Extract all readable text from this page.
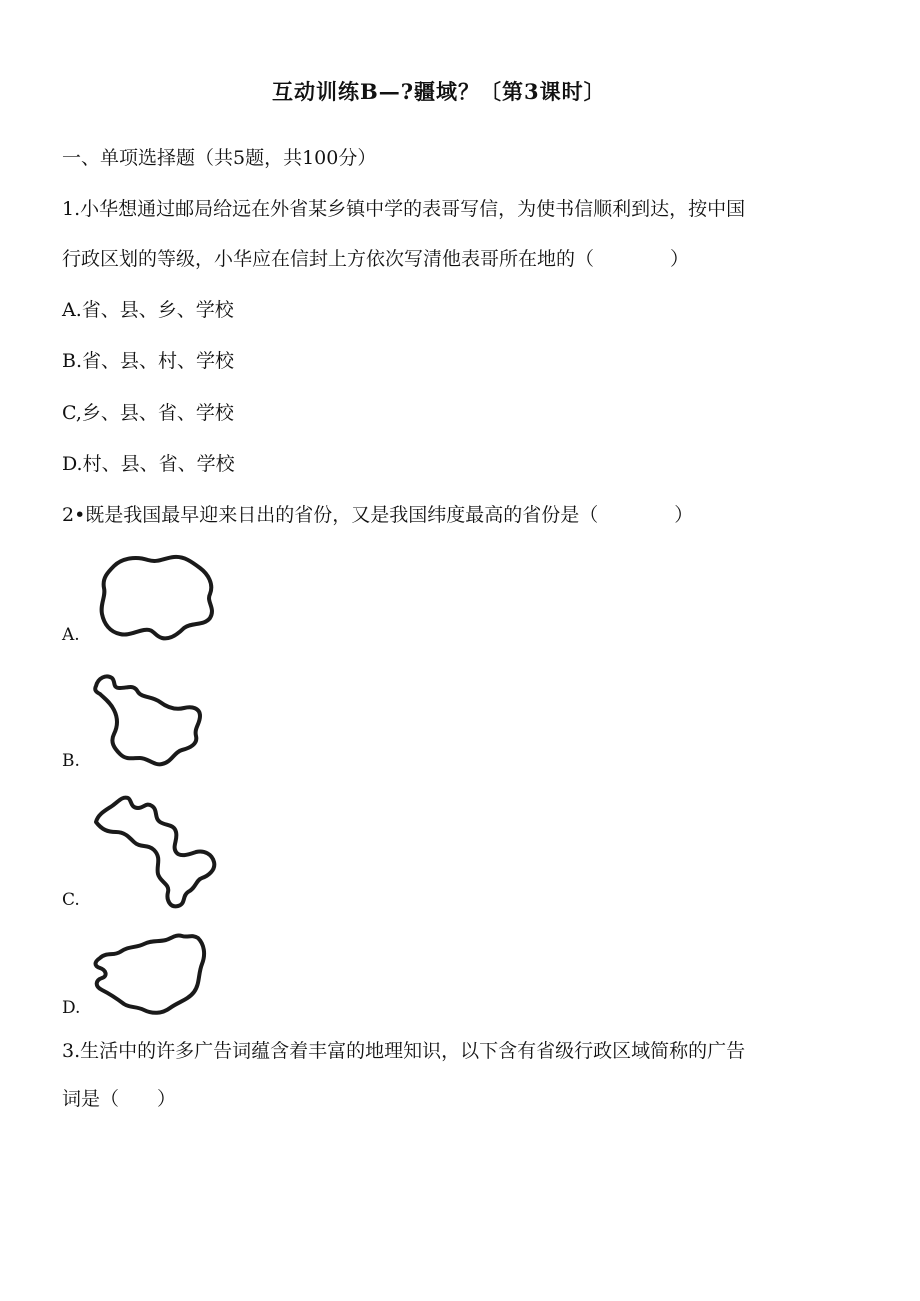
互动训练B—?疆域？〔第3课时〕
一、单项选择题（共5题，共100分）
1.小华想通过邮局给远在外省某乡镇中学的表哥写信，为使书信顺利到达，按中国
行政区划的等级，小华应在信封上方依次写清他表哥所在地的（　　　　）
A.省、县、乡、学校
B.省、县、村、学校
C,乡、县、省、学校
D.村、县、省、学校
2•既是我国最早迎来日出的省份，又是我国纬度最高的省份是（　　　　）
A.
B.
C.
D.
3.生活中的许多广告词蕴含着丰富的地理知识，以下含有省级行政区域简称的广告
词是（　　）
